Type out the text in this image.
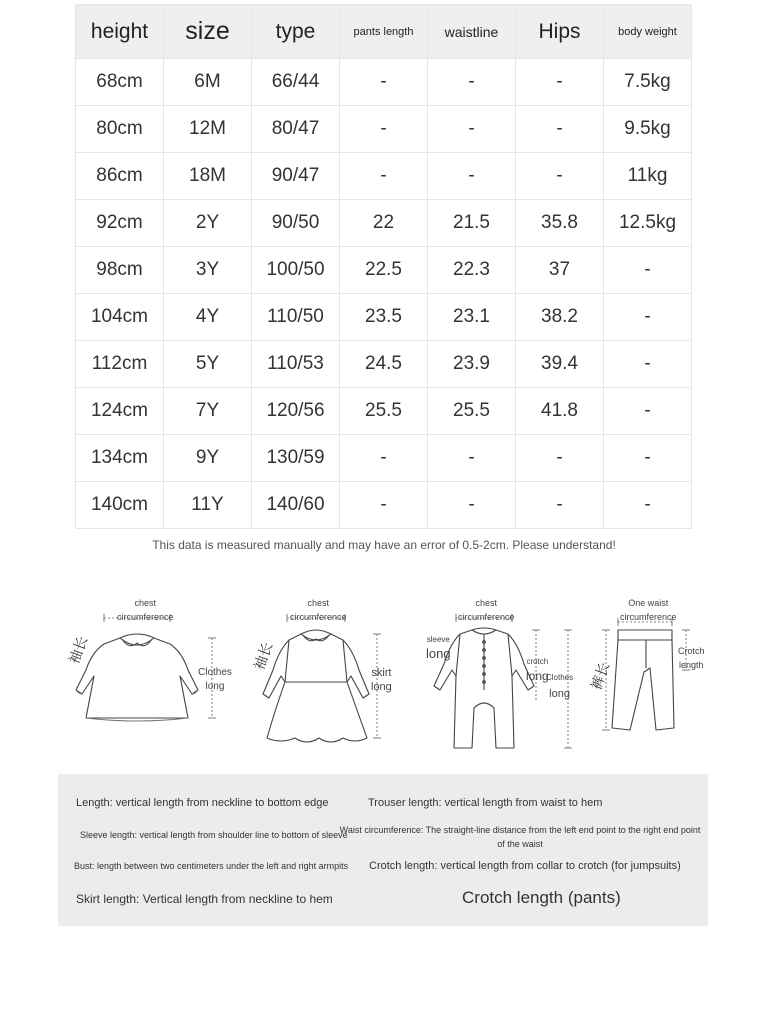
height	size	type	pants length	waistline	Hips	body weight
68cm	6M	66/44	-	-	-	7.5kg
80cm	12M	80/47	-	-	-	9.5kg
86cm	18M	90/47	-	-	-	11kg
92cm	2Y	90/50	22	21.5	35.8	12.5kg
98cm	3Y	100/50	22.5	22.3	37	-
104cm	4Y	110/50	23.5	23.1	38.2	-
112cm	5Y	110/53	24.5	23.9	39.4	-
124cm	7Y	120/56	25.5	25.5	41.8	-
134cm	9Y	130/59	-	-	-	-
140cm	11Y	140/60	-	-	-	-
This data is measured manually and may have an error of 0.5-2cm. Please understand!
chest
circumference
袖长
Clothes
long
chest
circumference
袖长
skirt
long
chest
circumference
sleeve
long
crotch
long
Clothes
long
One waist
circumference
裤长
Crotch
length
Length: vertical length from neckline to bottom edge
Sleeve length: vertical length from shoulder line to bottom of sleeve
Bust: length between two centimeters under the left and right armpits
Skirt length: Vertical length from neckline to hem
Trouser length: vertical length from waist to hem
Waist circumference: The straight-line distance from the left end point to the right end point of the waist
Crotch length: vertical length from collar to crotch (for jumpsuits)
Crotch length (pants)
